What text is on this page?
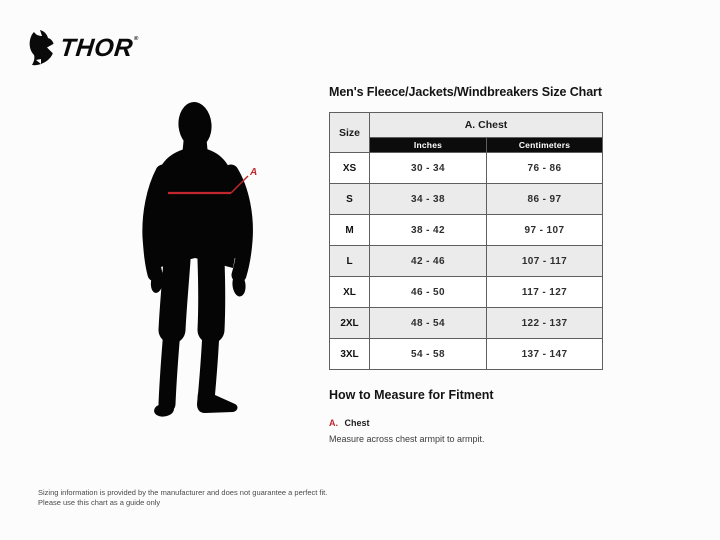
THOR®
A
Men's Fleece/Jackets/Windbreakers Size Chart
Size	A. Chest	
	Inches	Centimeters
XS	30 - 34	76 - 86
S	34 - 38	86 - 97
M	38 - 42	97 - 107
L	42 - 46	107 - 117
XL	46 - 50	117 - 127
2XL	48 - 54	122 - 137
3XL	54 - 58	137 - 147
How to Measure for Fitment
A. Chest
Measure across chest armpit to armpit.
Sizing information is provided by the manufacturer and does not guarantee a perfect fit.
Please use this chart as a guide only
